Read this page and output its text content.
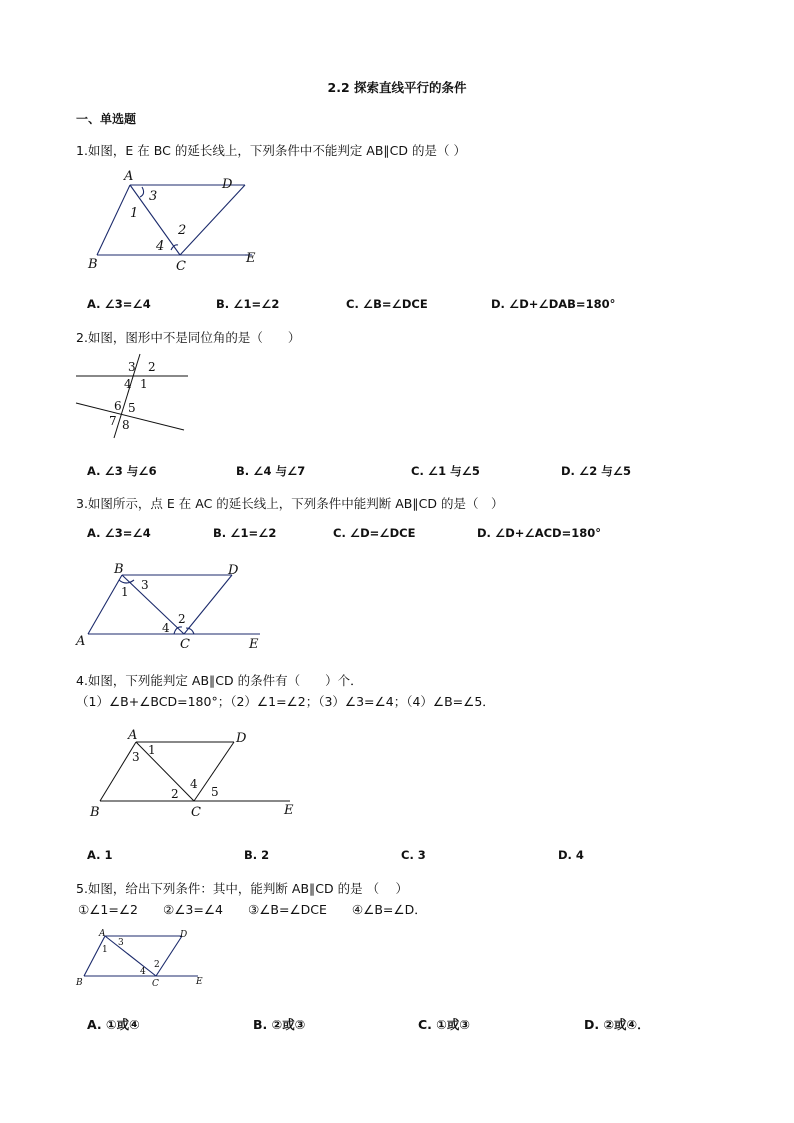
2.2 探索直线平行的条件
一、单选题
1.如图，E 在 BC 的延长线上，下列条件中不能判定 AB∥CD 的是（ ）
A
D
B	C
E
1
2
3
4
A. ∠3=∠4	B. ∠1=∠2	C. ∠B=∠DCE	D. ∠D+∠DAB=180°
2.如图，图形中不是同位角的是（　　）
3 2
4 1
6 5
7 8
A. ∠3 与∠6	B. ∠4 与∠7	C. ∠1 与∠5	D. ∠2 与∠5
3.如图所示，点 E 在 AC 的延长线上，下列条件中能判断 AB∥CD 的是（　）
A. ∠3=∠4	B. ∠1=∠2	C. ∠D=∠DCE	D. ∠D+∠ACD=180°
B	D
A	C	E
1
2
3
4
4.如图，下列能判定 AB∥CD 的条件有（　　）个．
（1）∠B+∠BCD=180°；（2）∠1=∠2；（3）∠3=∠4；（4）∠B=∠5．
A	D
B	C	E
1
2
3
4
5
A. 1	B. 2	C. 3	D. 4
5.如图，给出下列条件：其中，能判断 AB∥CD 的是 （　 ）
①∠1=∠2　　②∠3=∠4　　③∠B=∠DCE　　④∠B=∠D．
A	D
B	C	E
1
2
3
4
A. ①或④	B. ②或③	C. ①或③	D. ②或④．
